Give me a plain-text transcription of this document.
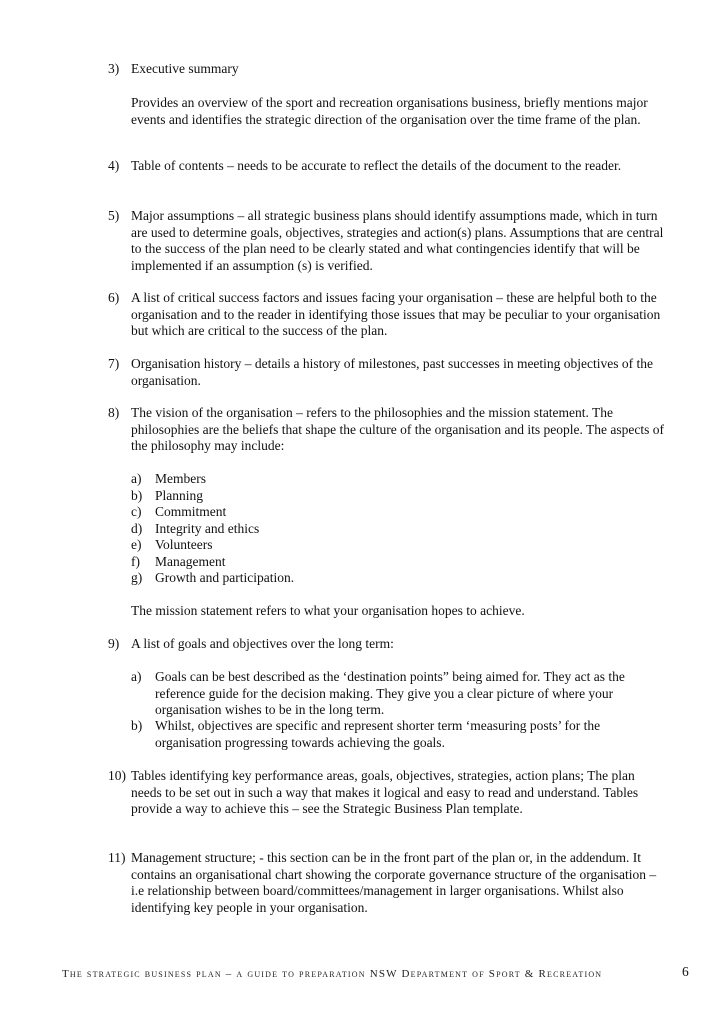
3) Executive summary
Provides an overview of the sport and recreation organisations business, briefly mentions major events and identifies the strategic direction of the organisation over the time frame of the plan.
4) Table of contents – needs to be accurate to reflect the details of the document to the reader.
5) Major assumptions – all strategic business plans should identify assumptions made, which in turn are used to determine goals, objectives, strategies and action(s) plans. Assumptions that are central to the success of the plan need to be clearly stated and what contingencies identify that will be implemented if an assumption (s) is verified.
6) A list of critical success factors and issues facing your organisation – these are helpful both to the organisation and to the reader in identifying those issues that may be peculiar to your organisation but which are critical to the success of the plan.
7) Organisation history – details a history of milestones, past successes in meeting objectives of the organisation.
8) The vision of the organisation – refers to the philosophies and the mission statement. The philosophies are the beliefs that shape the culture of the organisation and its people. The aspects of the philosophy may include:
a) Members
b) Planning
c) Commitment
d) Integrity and ethics
e) Volunteers
f) Management
g) Growth and participation.
The mission statement refers to what your organisation hopes to achieve.
9) A list of goals and objectives over the long term:
a) Goals can be best described as the ‘destination points” being aimed for. They act as the reference guide for the decision making. They give you a clear picture of where your organisation wishes to be in the long term.
b) Whilst, objectives are specific and represent shorter term ‘measuring posts’ for the organisation progressing towards achieving the goals.
10) Tables identifying key performance areas, goals, objectives, strategies, action plans; The plan needs to be set out in such a way that makes it logical and easy to read and understand. Tables provide a way to achieve this – see the Strategic Business Plan template.
11) Management structure; - this section can be in the front part of the plan or, in the addendum. It contains an organisational chart showing the corporate governance structure of the organisation – i.e relationship between board/committees/management in larger organisations. Whilst also identifying key people in your organisation.
The strategic business plan – a guide to preparation NSW Department of Sport & Recreation	6
